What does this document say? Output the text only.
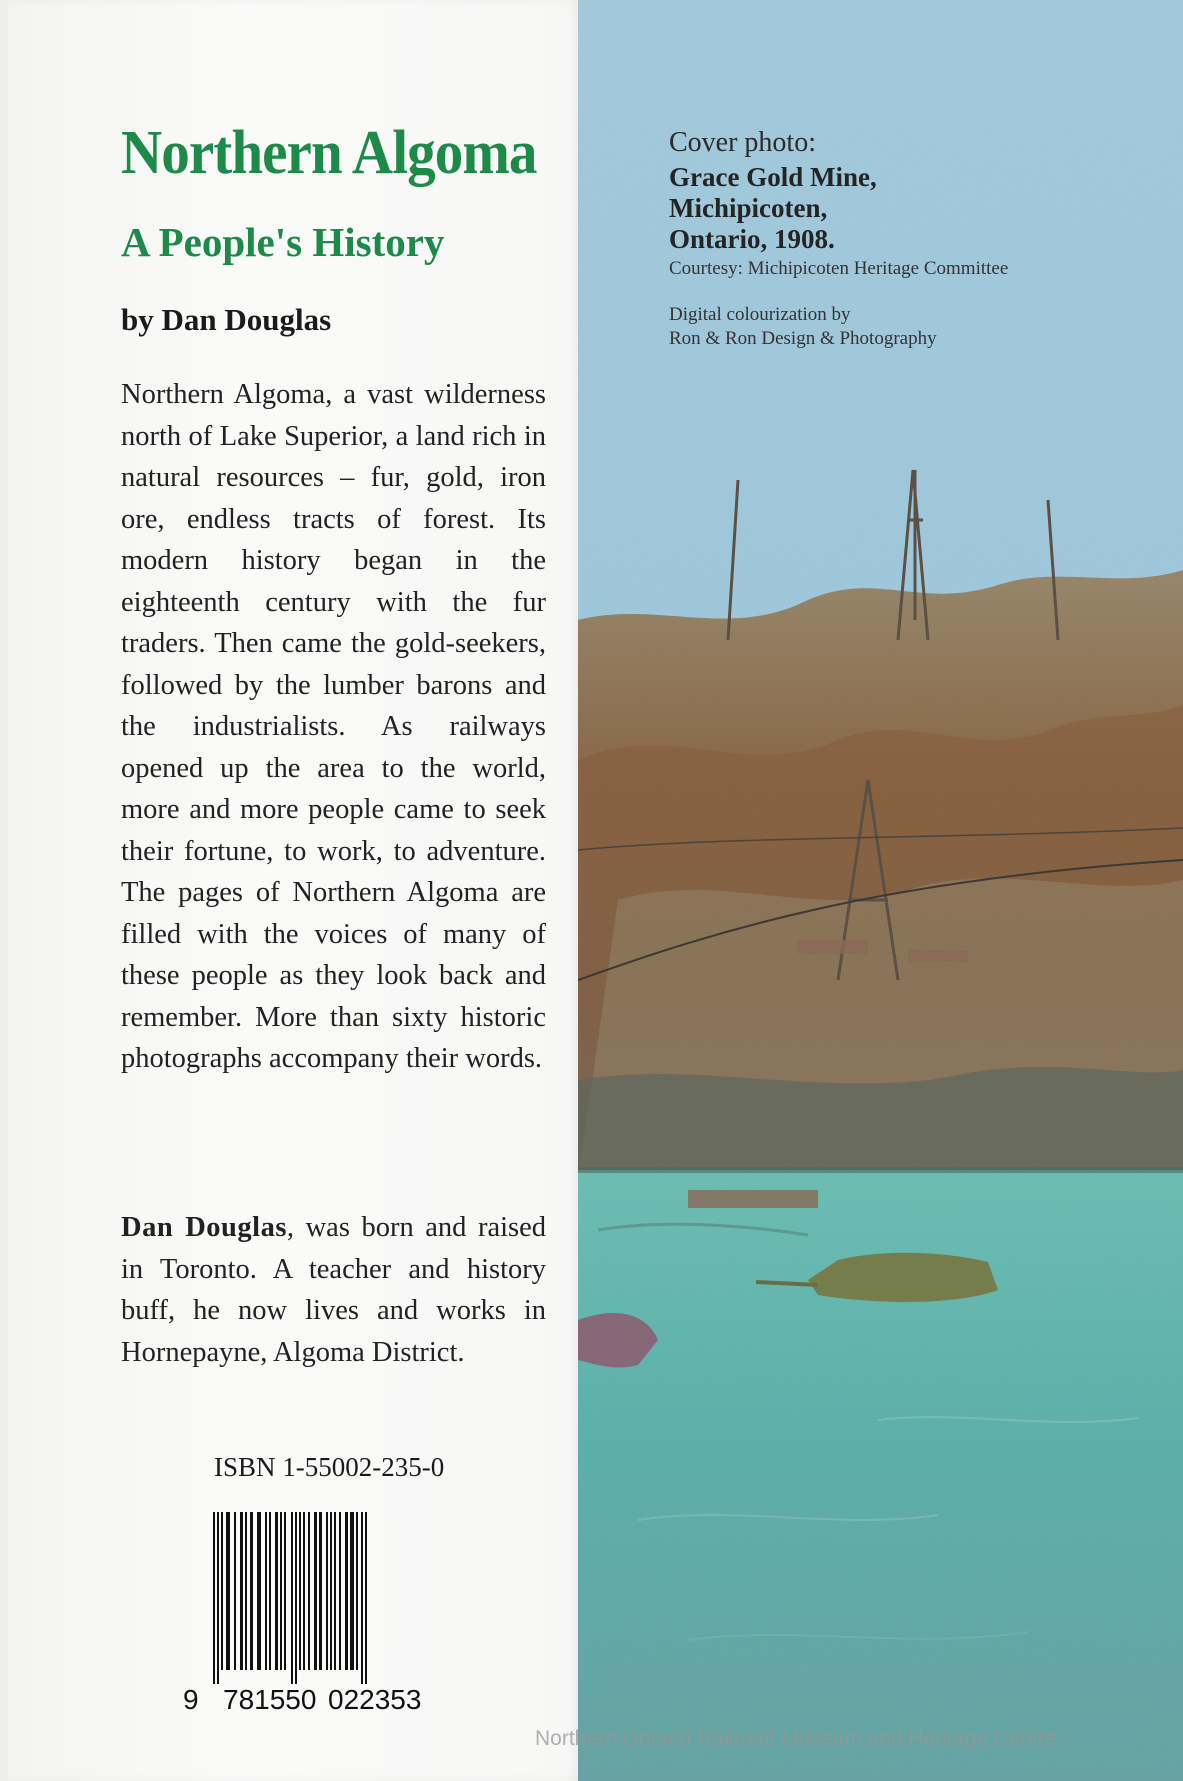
Northern Algoma
A People's History

by Dan Douglas

Northern Algoma, a vast wilderness north of Lake Superior, a land rich in natural resources – fur, gold, iron ore, endless tracts of forest. Its modern history began in the eighteenth century with the fur traders. Then came the gold-seekers, followed by the lumber barons and the industrialists. As railways opened up the area to the world, more and more people came to seek their fortune, to work, to adventure. The pages of Northern Algoma are filled with the voices of many of these people as they look back and remember. More than sixty historic photographs accompany their words.

Dan Douglas, was born and raised in Toronto. A teacher and history buff, he now lives and works in Hornepayne, Algoma District.

ISBN 1-55002-235-0

9 781550 022353

Cover photo:

Grace Gold Mine,
Michipicoten,
Ontario, 1908.

Courtesy: Michipicoten Heritage Committee

Digital colourization by
Ron & Ron Design & Photography

Northern Ontario Railroad Museum and Heritage Centre
